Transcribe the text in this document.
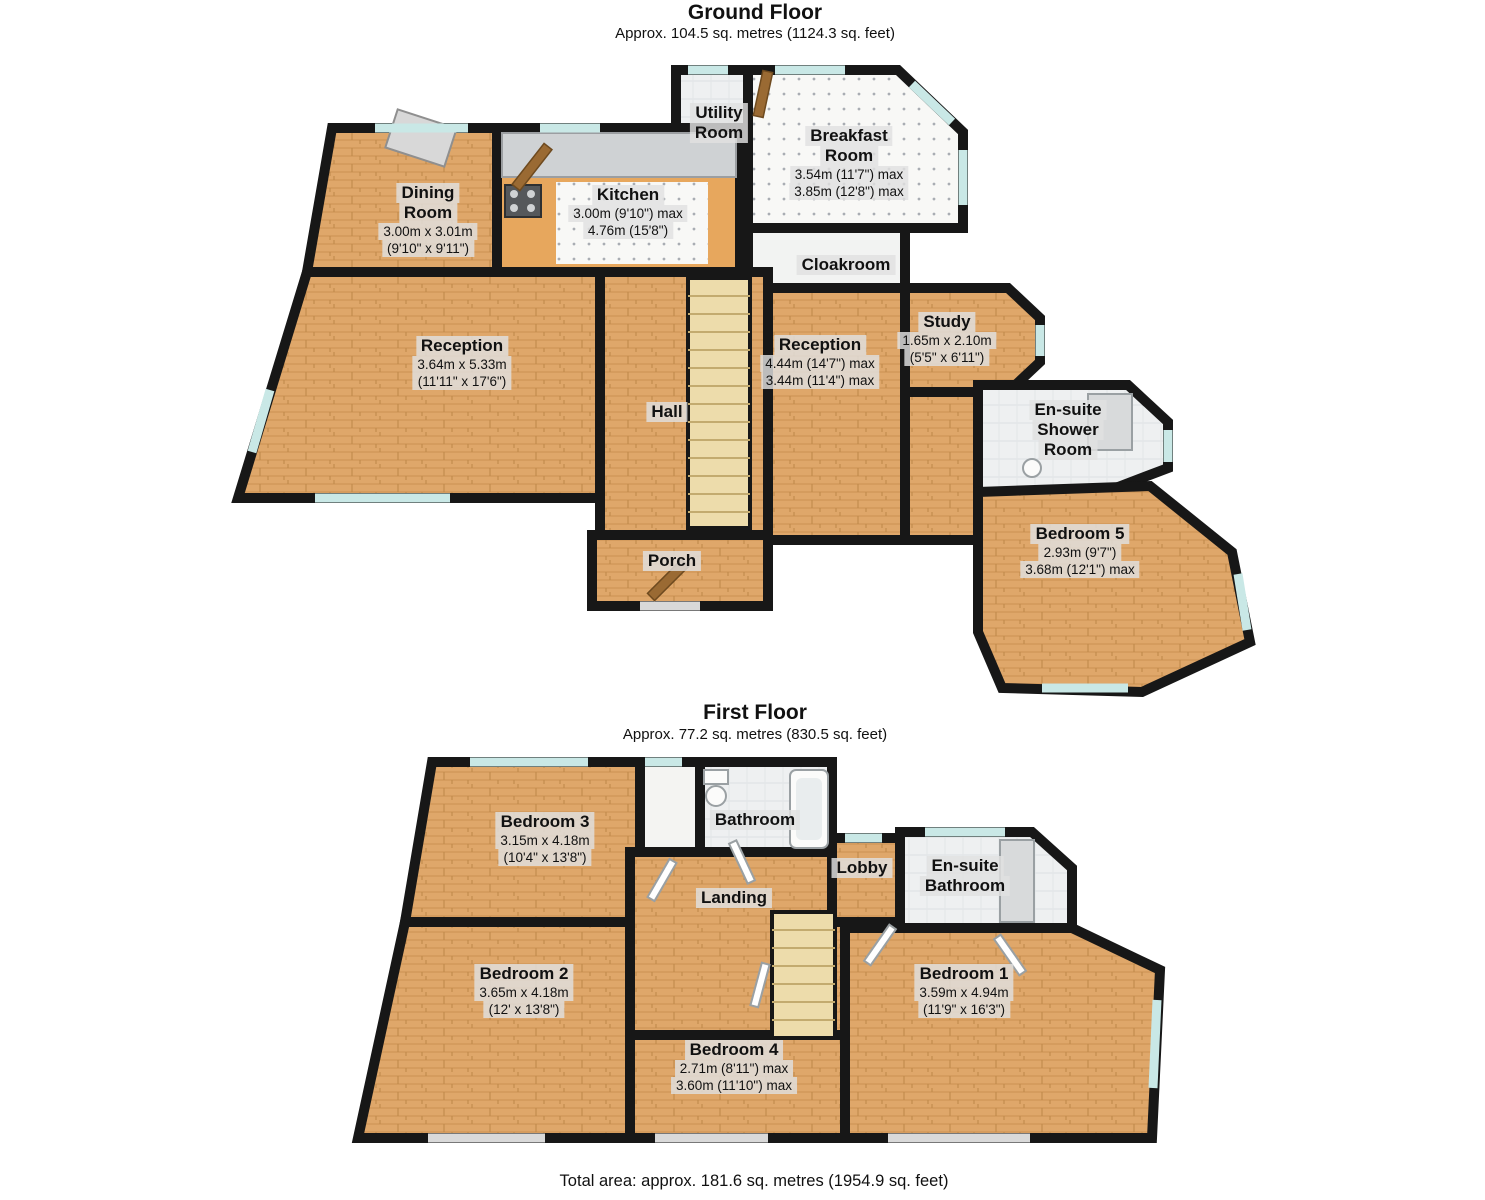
Ground Floor
Approx. 104.5 sq. metres (1124.3 sq. feet)
Utility
Room	Breakfast
Room
3.54m (11'7") max
3.85m (12'8") max
Dining
Room
3.00m x 3.01m
(9'10" x 9'11")
Kitchen
3.00m (9'10") max
4.76m (15'8")
Cloakroom
Reception
3.64m x 5.33m
(11'11" x 17'6")
Reception
4.44m (14'7") max
3.44m (11'4") max
Study
1.65m x 2.10m
(5'5" x 6'11")
Hall	En-suite
Shower
Room
Porch
Bedroom 5
2.93m (9'7")
3.68m (12'1") max
First Floor
Approx. 77.2 sq. metres (830.5 sq. feet)
Bedroom 3
3.15m x 4.18m
(10'4" x 13'8")
Bathroom
Lobby	En-suite
Bathroom
Landing
Bedroom 2
3.65m x 4.18m
(12' x 13'8")
Bedroom 4
2.71m (8'11") max
3.60m (11'10") max
Bedroom 1
3.59m x 4.94m
(11'9" x 16'3")
Total area: approx. 181.6 sq. metres (1954.9 sq. feet)
